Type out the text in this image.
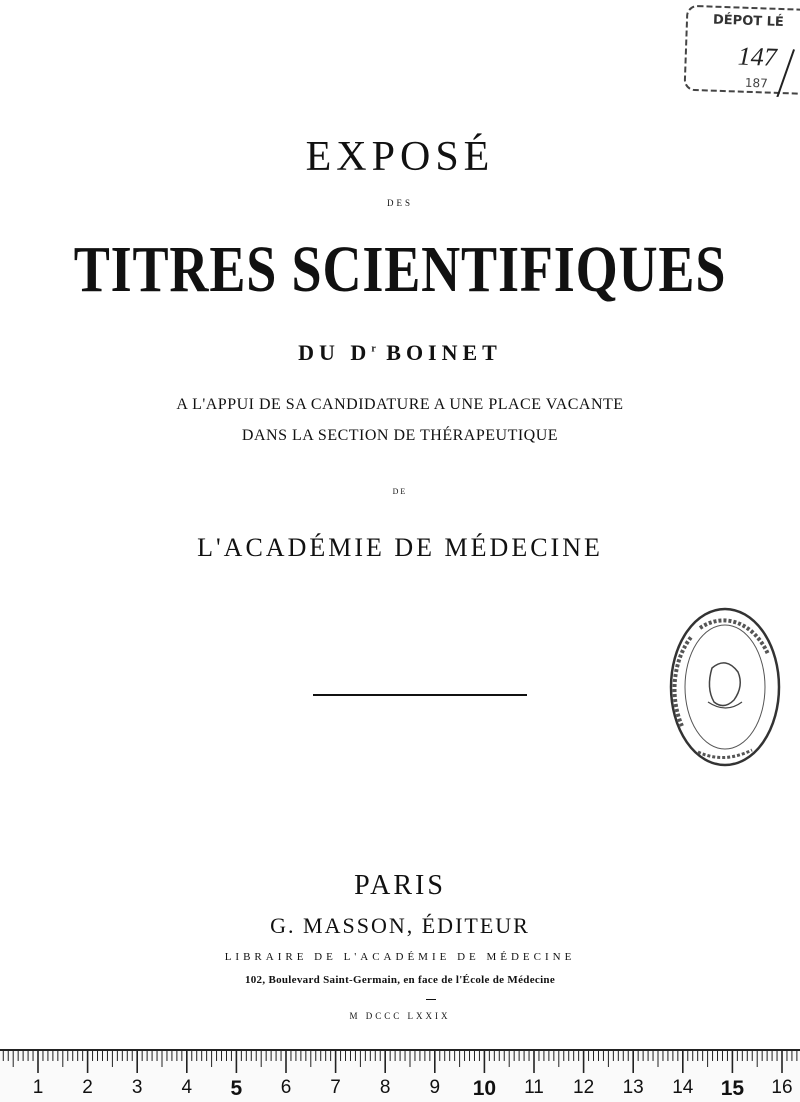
EXPOSÉ
DES
TITRES SCIENTIFIQUES
DU $D^r$ BOINET
A L'APPUI DE SA CANDIDATURE A UNE PLACE VACANTE
DANS LA SECTION DE THÉRAPEUTIQUE
DE
L'ACADÉMIE DE MÉDECINE
PARIS
G. MASSON, ÉDITEUR
LIBRAIRE DE L'ACADÉMIE DE MÉDECINE
102, Boulevard Saint-Germain, en face de l'École de Médecine
M DCCC LXXIX
DÉPOT LÉ
147
187
1 2 3 4 5 6 7 8 9 10 11 12 13 14 15 16
